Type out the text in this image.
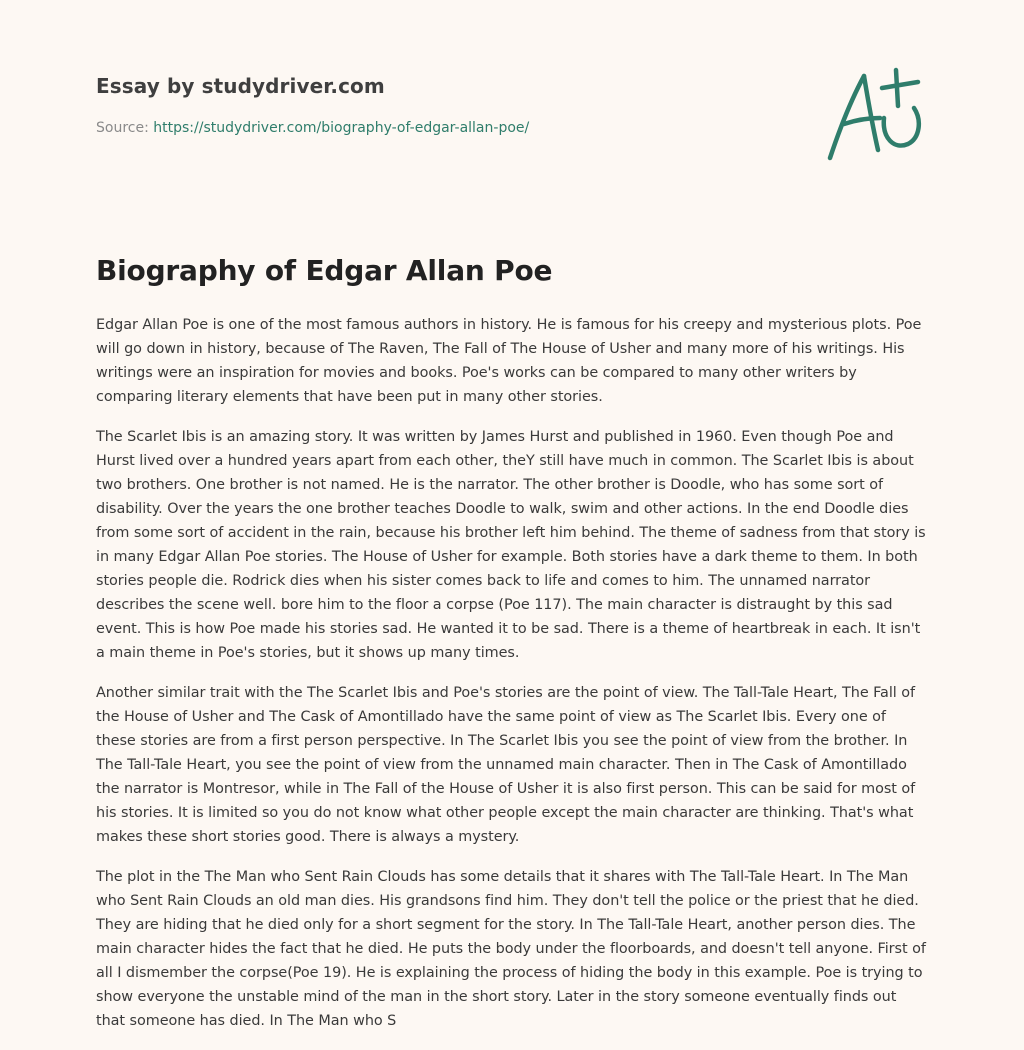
Essay by studydriver.com
Source: https://studydriver.com/biography-of-edgar-allan-poe/
Biography of Edgar Allan Poe

Edgar Allan Poe is one of the most famous authors in history. He is famous for his creepy and mysterious plots. Poe will go down in history, because of The Raven, The Fall of The House of Usher and many more of his writings. His writings were an inspiration for movies and books. Poe's works can be compared to many other writers by comparing literary elements that have been put in many other stories.

The Scarlet Ibis is an amazing story. It was written by James Hurst and published in 1960. Even though Poe and Hurst lived over a hundred years apart from each other, theY still have much in common. The Scarlet Ibis is about two brothers. One brother is not named. He is the narrator. The other brother is Doodle, who has some sort of disability. Over the years the one brother teaches Doodle to walk, swim and other actions. In the end Doodle dies from some sort of accident in the rain, because his brother left him behind. The theme of sadness from that story is in many Edgar Allan Poe stories. The House of Usher for example. Both stories have a dark theme to them. In both stories people die. Rodrick dies when his sister comes back to life and comes to him. The unnamed narrator describes the scene well. bore him to the floor a corpse (Poe 117). The main character is distraught by this sad event. This is how Poe made his stories sad. He wanted it to be sad. There is a theme of heartbreak in each. It isn't a main theme in Poe's stories, but it shows up many times.

Another similar trait with the The Scarlet Ibis and Poe's stories are the point of view. The Tall-Tale Heart, The Fall of the House of Usher and The Cask of Amontillado have the same point of view as The Scarlet Ibis. Every one of these stories are from a first person perspective. In The Scarlet Ibis you see the point of view from the brother. In The Tall-Tale Heart, you see the point of view from the unnamed main character. Then in The Cask of Amontillado the narrator is Montresor, while in The Fall of the House of Usher it is also first person. This can be said for most of his stories. It is limited so you do not know what other people except the main character are thinking. That's what makes these short stories good. There is always a mystery.

The plot in the The Man who Sent Rain Clouds has some details that it shares with The Tall-Tale Heart. In The Man who Sent Rain Clouds an old man dies. His grandsons find him. They don't tell the police or the priest that he died. They are hiding that he died only for a short segment for the story. In The Tall-Tale Heart, another person dies. The main character hides the fact that he died. He puts the body under the floorboards, and doesn't tell anyone. First of all I dismember the corpse(Poe 19). He is explaining the process of hiding the body in this example. Poe is trying to show everyone the unstable mind of the man in the short story. Later in the story someone eventually finds out that someone has died. In The Man who S
